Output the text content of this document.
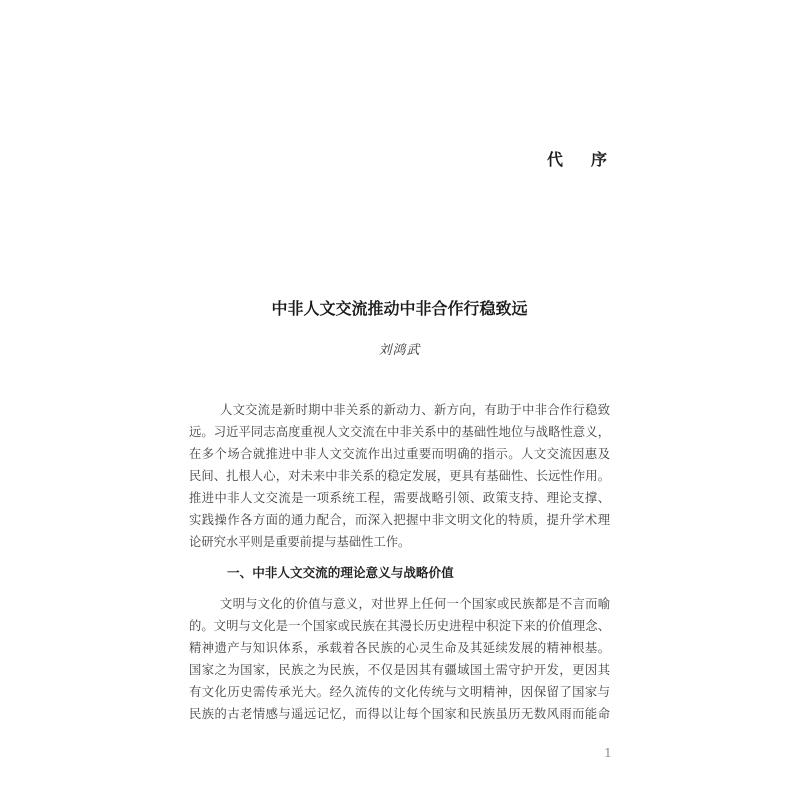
代　序
中非人文交流推动中非合作行稳致远
刘鸿武
人文交流是新时期中非关系的新动力、新方向，有助于中非合作行稳致
远。习近平同志高度重视人文交流在中非关系中的基础性地位与战略性意义，
在多个场合就推进中非人文交流作出过重要而明确的指示。人文交流因惠及
民间、扎根人心，对未来中非关系的稳定发展，更具有基础性、长远性作用。
推进中非人文交流是一项系统工程，需要战略引领、政策支持、理论支撑、
实践操作各方面的通力配合，而深入把握中非文明文化的特质，提升学术理
论研究水平则是重要前提与基础性工作。
一、中非人文交流的理论意义与战略价值
文明与文化的价值与意义，对世界上任何一个国家或民族都是不言而喻
的。文明与文化是一个国家或民族在其漫长历史进程中积淀下来的价值理念、
精神遗产与知识体系，承载着各民族的心灵生命及其延续发展的精神根基。
国家之为国家，民族之为民族，不仅是因其有疆域国土需守护开发，更因其
有文化历史需传承光大。经久流传的文化传统与文明精神，因保留了国家与
民族的古老情感与遥远记忆，而得以让每个国家和民族虽历无数风雨而能命
1
